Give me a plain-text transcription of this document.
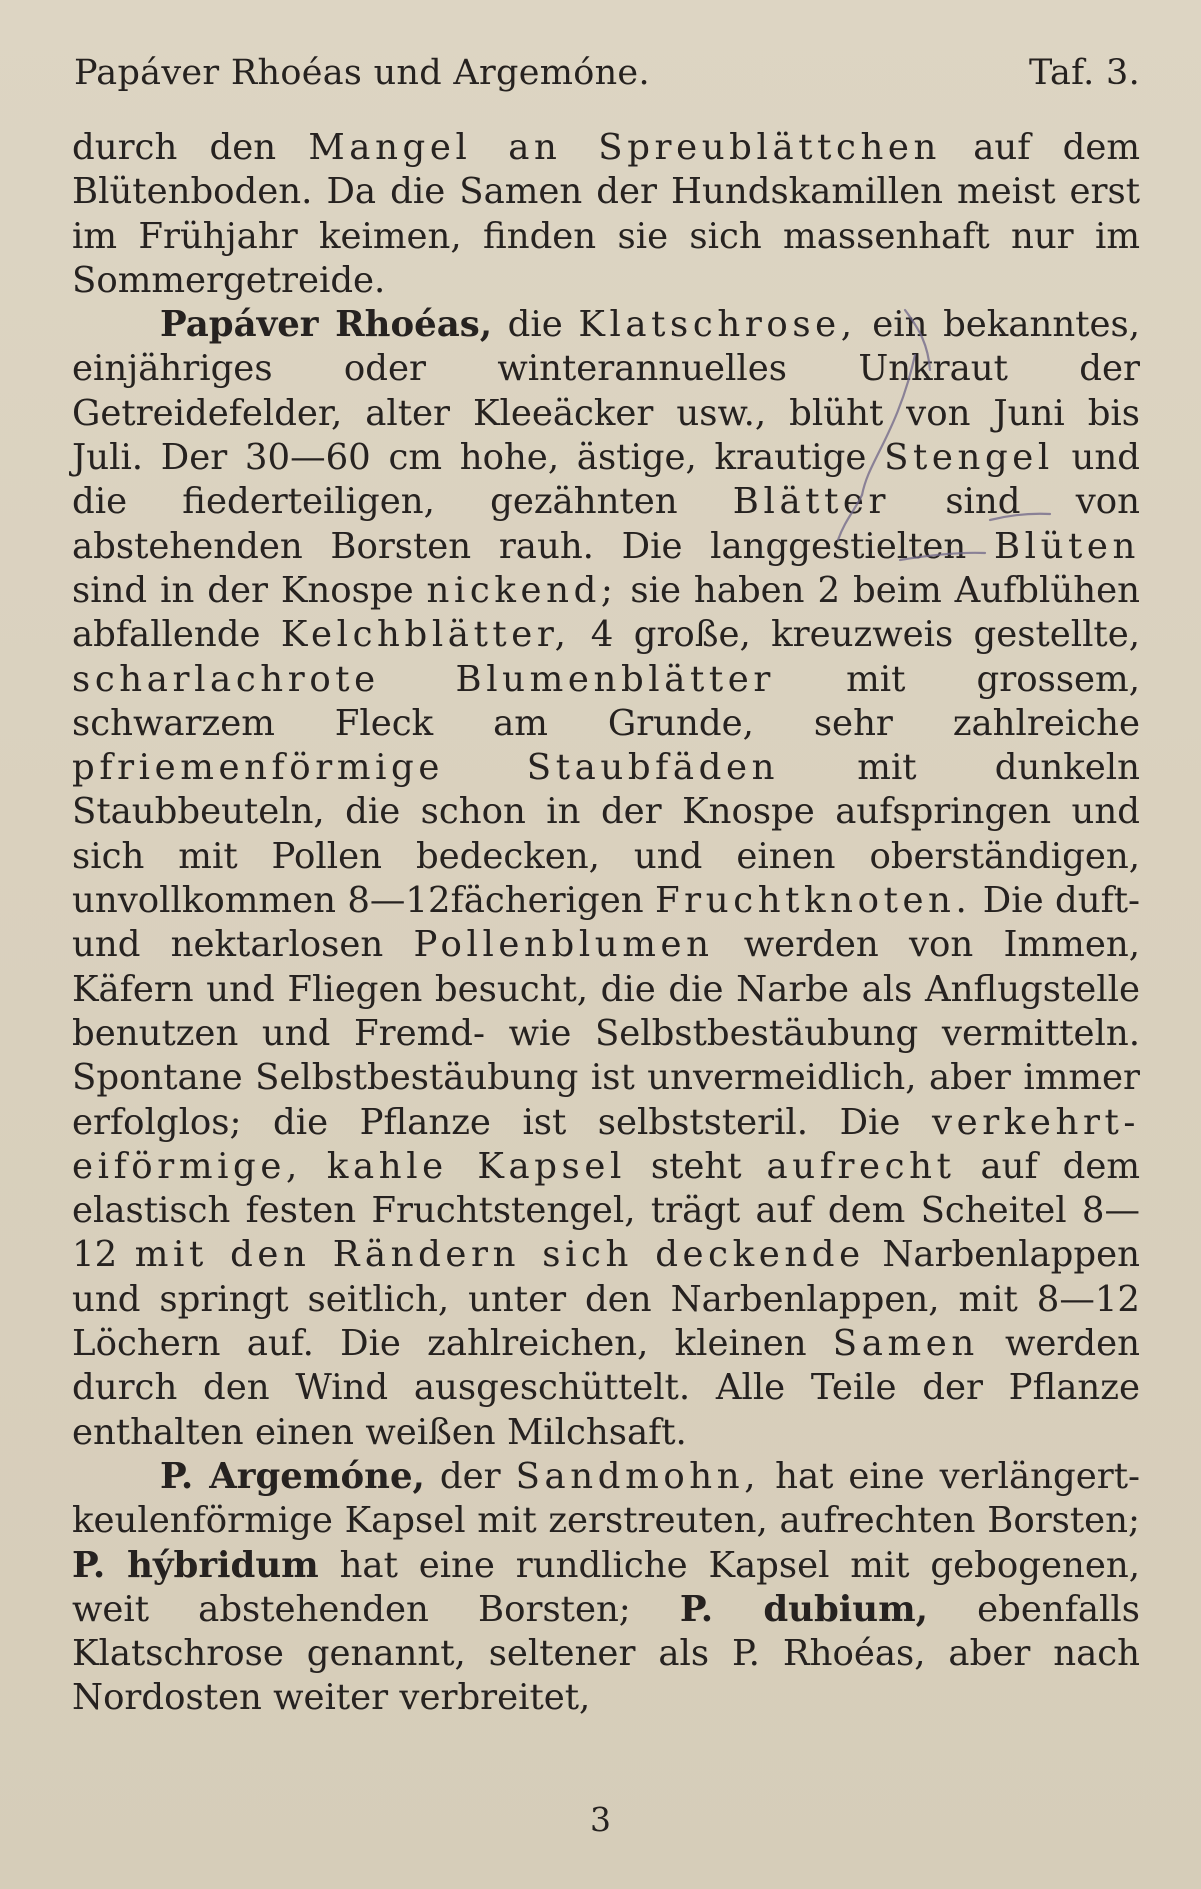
Papáver Rhoéas und Argemóne.	Taf. 3.

durch den Mangel an Spreublättchen auf dem Blütenboden. Da die Samen der Hundskamillen meist erst im Frühjahr keimen, finden sie sich massenhaft nur im Sommergetreide.

Papáver Rhoéas, die Klatschrose, ein bekanntes, einjähriges oder winterannuelles Unkraut der Getreidefelder, alter Kleeäcker usw., blüht von Juni bis Juli. Der 30—60 cm hohe, ästige, krautige Stengel und die fiederteiligen, gezähnten Blätter sind von abstehenden Borsten rauh. Die langgestielten Blüten sind in der Knospe nickend; sie haben 2 beim Aufblühen abfallende Kelchblätter, 4 große, kreuzweis gestellte, scharlachrote Blumenblätter mit grossem, schwarzem Fleck am Grunde, sehr zahlreiche pfriemenförmige Staubfäden mit dunkeln Staubbeuteln, die schon in der Knospe aufspringen und sich mit Pollen bedecken, und einen oberständigen, unvollkommen 8—12fächerigen Fruchtknoten. Die duft- und nektarlosen Pollenblumen werden von Immen, Käfern und Fliegen besucht, die die Narbe als Anflugstelle benutzen und Fremd- wie Selbstbestäubung vermitteln. Spontane Selbstbestäubung ist unvermeidlich, aber immer erfolglos; die Pflanze ist selbststeril. Die verkehrt-eiförmige, kahle Kapsel steht aufrecht auf dem elastisch festen Fruchtstengel, trägt auf dem Scheitel 8—12 mit den Rändern sich deckende Narbenlappen und springt seitlich, unter den Narbenlappen, mit 8—12 Löchern auf. Die zahlreichen, kleinen Samen werden durch den Wind ausgeschüttelt. Alle Teile der Pflanze enthalten einen weißen Milchsaft.

P. Argemóne, der Sandmohn, hat eine verlängert-keulenförmige Kapsel mit zerstreuten, aufrechten Borsten; P. hýbridum hat eine rundliche Kapsel mit gebogenen, weit abstehenden Borsten; P. dubium, ebenfalls Klatschrose genannt, seltener als P. Rhoéas, aber nach Nordosten weiter verbreitet,

3
